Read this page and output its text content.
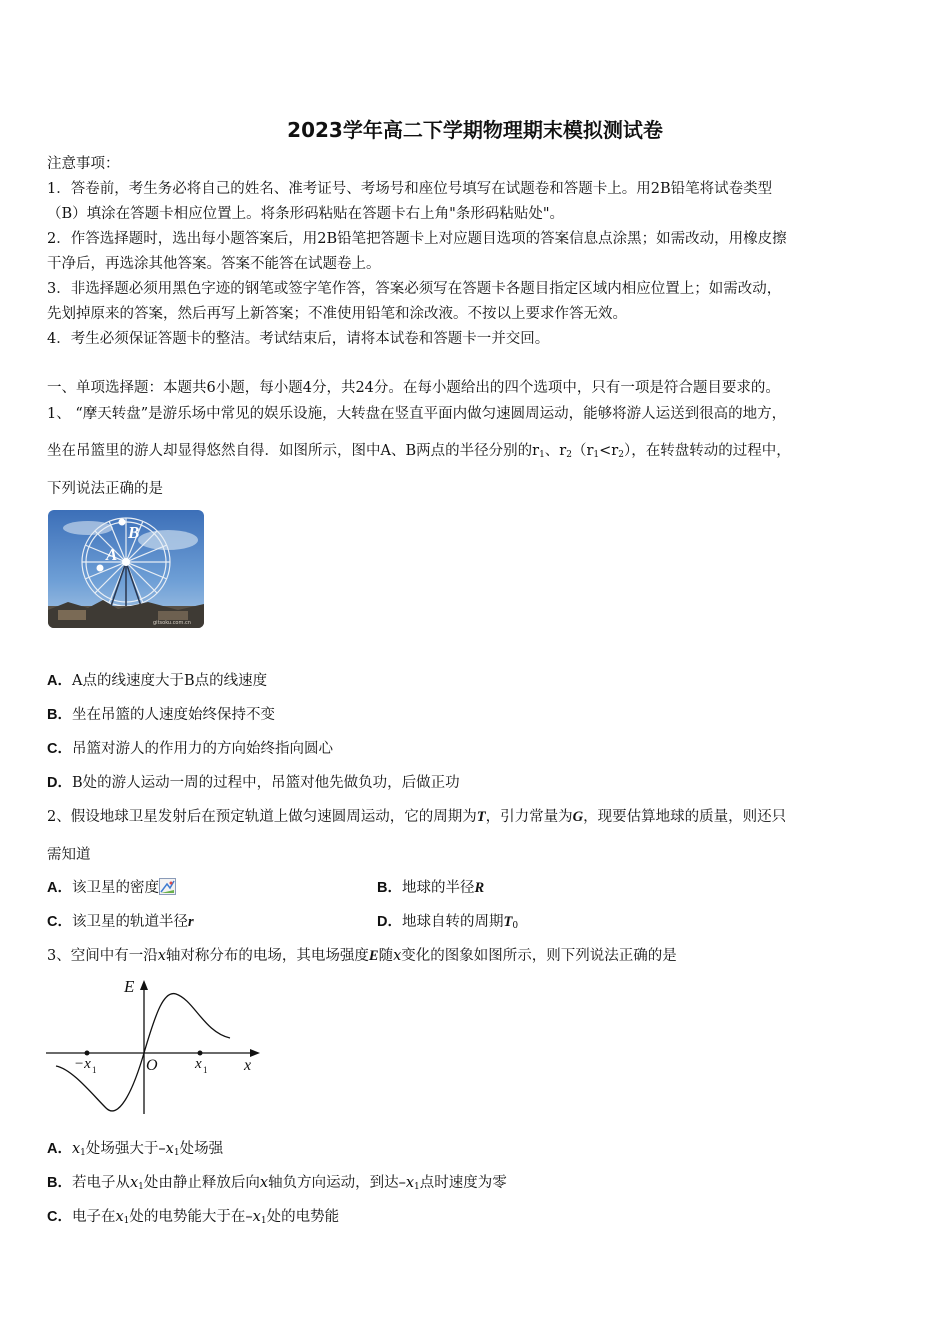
2023学年高二下学期物理期末模拟测试卷
注意事项：
1．答卷前，考生务必将自己的姓名、准考证号、考场号和座位号填写在试题卷和答题卡上。用2B铅笔将试卷类型
（B）填涂在答题卡相应位置上。将条形码粘贴在答题卡右上角"条形码粘贴处"。
2．作答选择题时，选出每小题答案后，用2B铅笔把答题卡上对应题目选项的答案信息点涂黑；如需改动，用橡皮擦
干净后，再选涂其他答案。答案不能答在试题卷上。
3．非选择题必须用黑色字迹的钢笔或签字笔作答，答案必须写在答题卡各题目指定区域内相应位置上；如需改动，
先划掉原来的答案，然后再写上新答案；不准使用铅笔和涂改液。不按以上要求作答无效。
4．考生必须保证答题卡的整洁。考试结束后，请将本试卷和答题卡一并交回。
一、单项选择题：本题共6小题，每小题4分，共24分。在每小题给出的四个选项中，只有一项是符合题目要求的。
1、 “摩天转盘”是游乐场中常见的娱乐设施，大转盘在竖直平面内做匀速圆周运动，能够将游人运送到很高的地方，
坐在吊篮里的游人却显得悠然自得．如图所示，图中A、B两点的半径分别的$r_1$、$r_2(r_1<r_2)$，在转盘转动的过程中，
下列说法正确的是
B
A
gitsoku.com.cn
A．A点的线速度大于B点的线速度
B．坐在吊篮的人速度始终保持不变
C．吊篮对游人的作用力的方向始终指向圆心
D．B处的游人运动一周的过程中，吊篮对他先做负功，后做正功
2、假设地球卫星发射后在预定轨道上做匀速圆周运动，它的周期为T，引力常量为G，现要估算地球的质量，则还只
需知道
A．该卫星的密度	B．地球的半径R
C．该卫星的轨道半径r	D．地球自转的周期$T_0$
3、空间中有一沿x轴对称分布的电场，其电场强度E随x变化的图象如图所示，则下列说法正确的是
E
x
O
−x 1	x 1
A．$x_1$处场强大于$-x_1$处场强
B．若电子从$x_1$处由静止释放后向x轴负方向运动，到达$-x_1$点时速度为零
C．电子在$x_1$处的电势能大于在$-x_1$处的电势能
